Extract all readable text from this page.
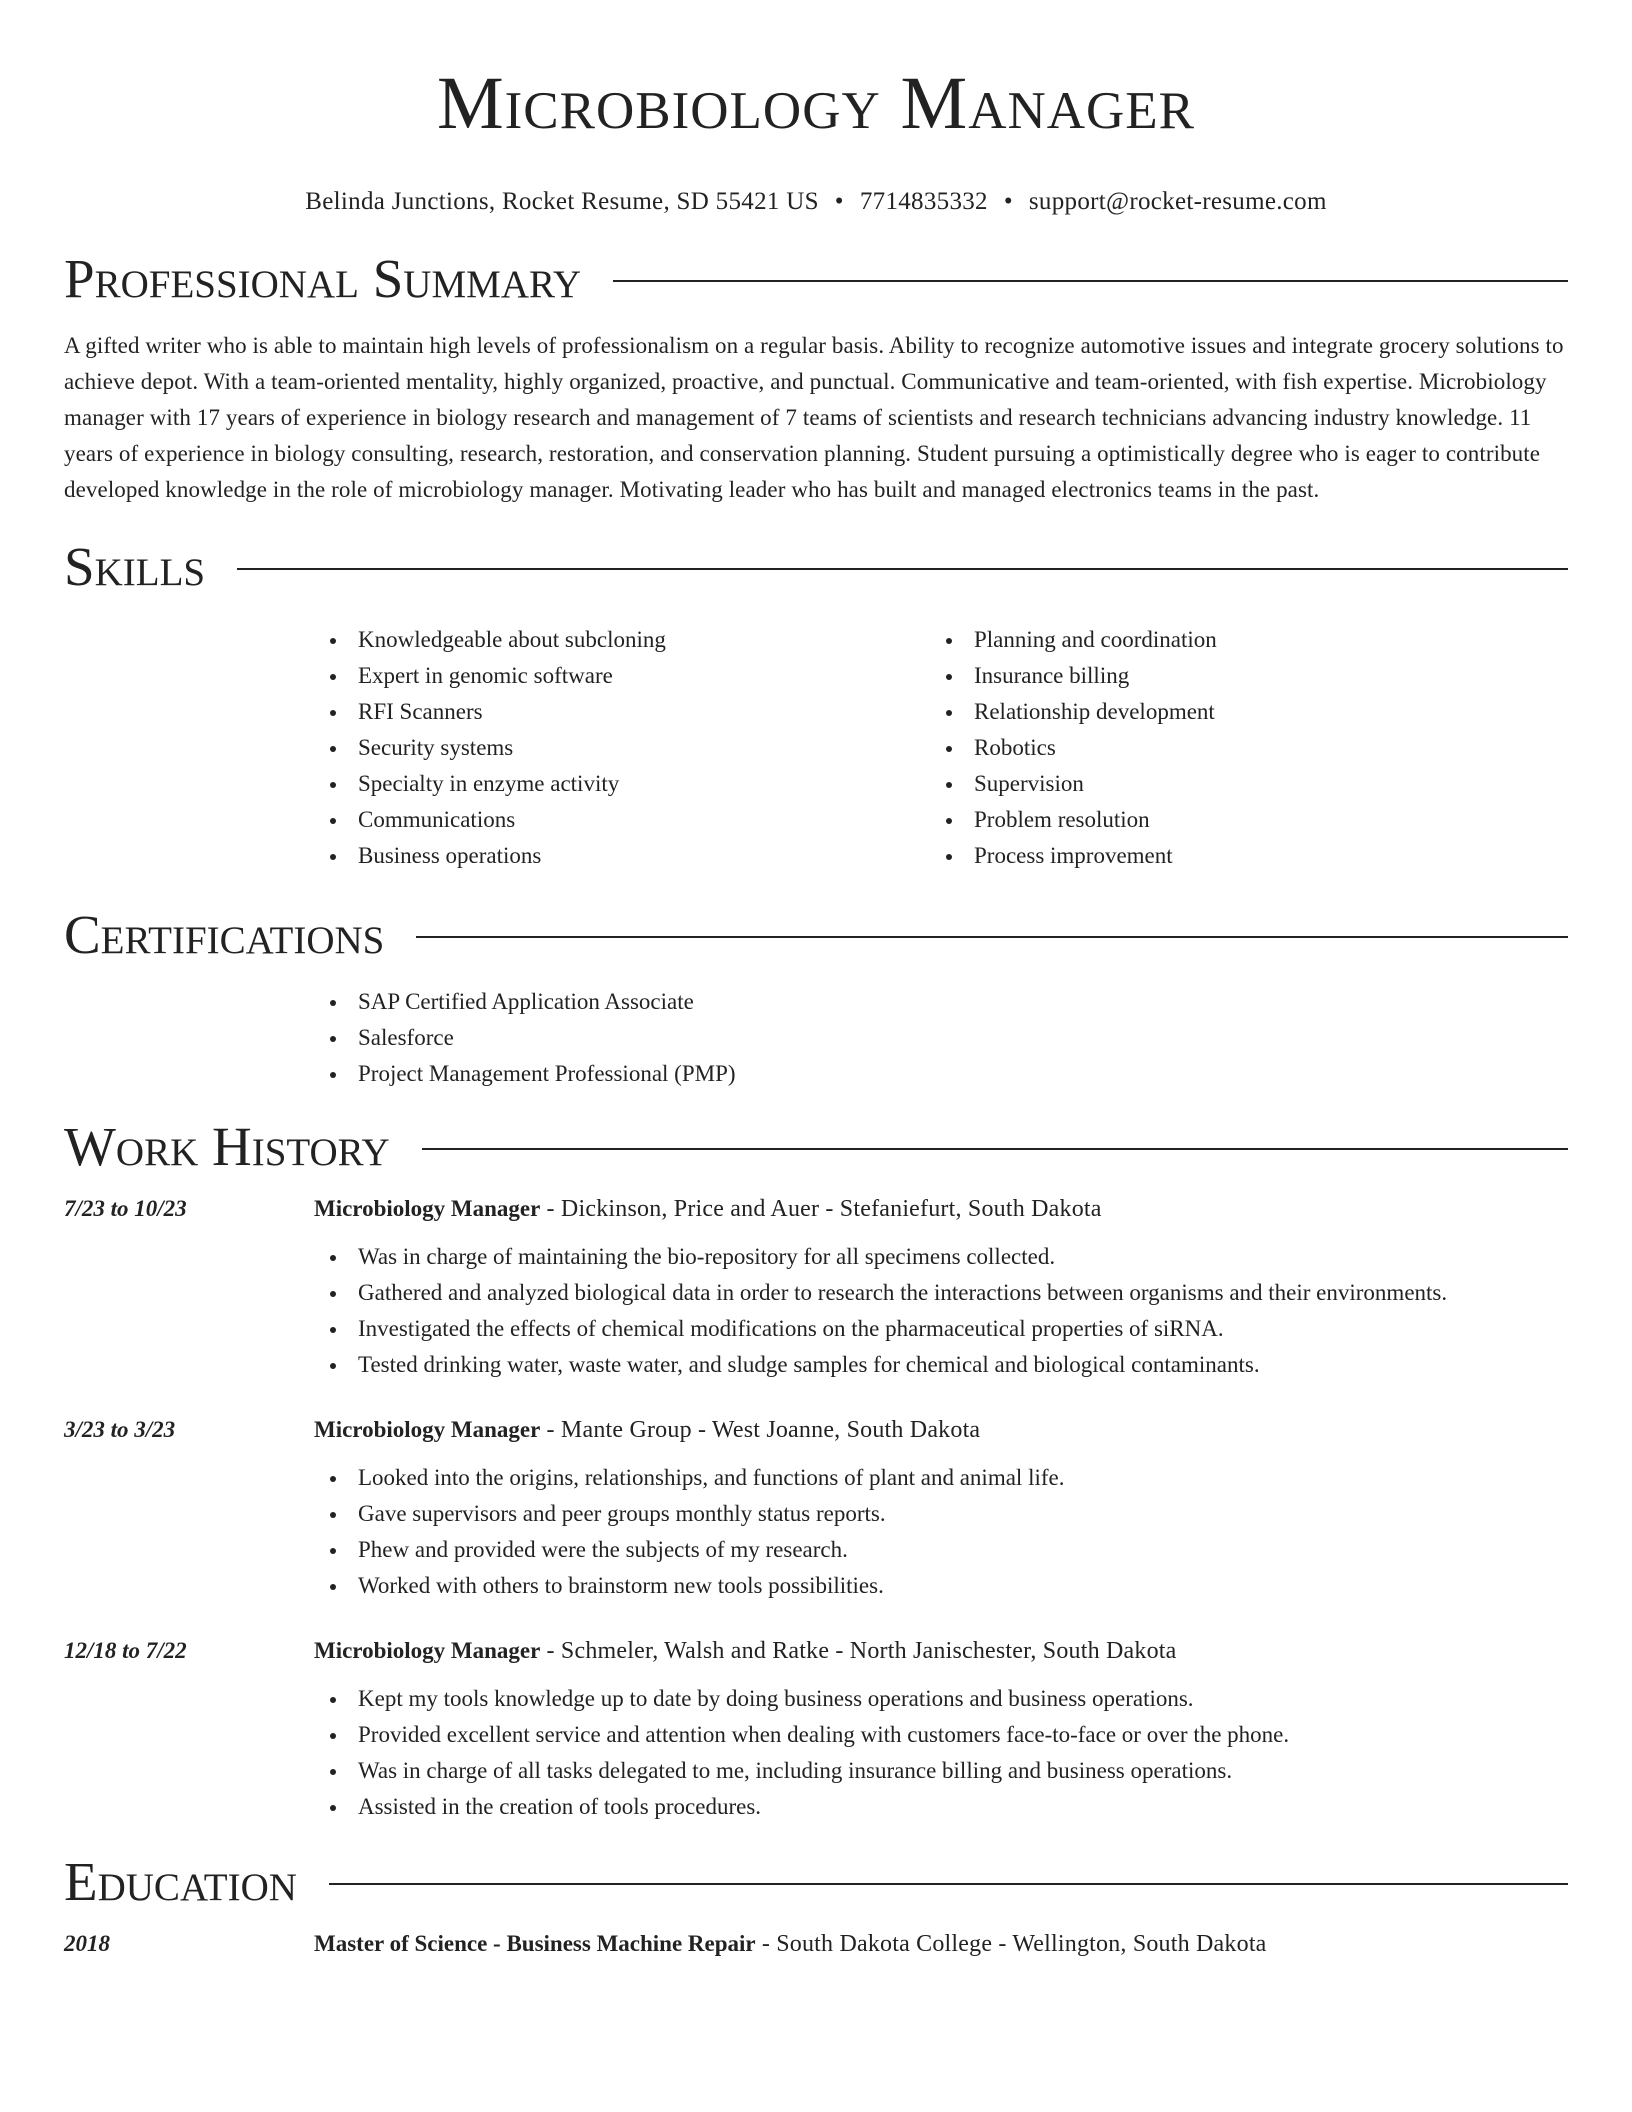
Microbiology Manager
Belinda Junctions, Rocket Resume, SD 55421 US • 7714835332 • support@rocket-resume.com
Professional Summary

A gifted writer who is able to maintain high levels of professionalism on a regular basis. Ability to recognize automotive issues and integrate grocery solutions to achieve depot. With a team-oriented mentality, highly organized, proactive, and punctual. Communicative and team-oriented, with fish expertise. Microbiology manager with 17 years of experience in biology research and management of 7 teams of scientists and research technicians advancing industry knowledge. 11 years of experience in biology consulting, research, restoration, and conservation planning. Student pursuing a optimistically degree who is eager to contribute developed knowledge in the role of microbiology manager. Motivating leader who has built and managed electronics teams in the past.

Skills
Knowledgeable about subcloning
Expert in genomic software
RFI Scanners
Security systems
Specialty in enzyme activity
Communications
Business operations
Planning and coordination
Insurance billing
Relationship development
Robotics
Supervision
Problem resolution
Process improvement
Certifications
SAP Certified Application Associate
Salesforce
Project Management Professional (PMP)
Work History
7/23 to 10/23	Microbiology Manager - Dickinson, Price and Auer - Stefaniefurt, South Dakota
Was in charge of maintaining the bio-repository for all specimens collected.
Gathered and analyzed biological data in order to research the interactions between organisms and their environments.
Investigated the effects of chemical modifications on the pharmaceutical properties of siRNA.
Tested drinking water, waste water, and sludge samples for chemical and biological contaminants.
3/23 to 3/23	Microbiology Manager - Mante Group - West Joanne, South Dakota
Looked into the origins, relationships, and functions of plant and animal life.
Gave supervisors and peer groups monthly status reports.
Phew and provided were the subjects of my research.
Worked with others to brainstorm new tools possibilities.
12/18 to 7/22	Microbiology Manager - Schmeler, Walsh and Ratke - North Janischester, South Dakota
Kept my tools knowledge up to date by doing business operations and business operations.
Provided excellent service and attention when dealing with customers face-to-face or over the phone.
Was in charge of all tasks delegated to me, including insurance billing and business operations.
Assisted in the creation of tools procedures.
Education
2018	Master of Science - Business Machine Repair - South Dakota College - Wellington, South Dakota
